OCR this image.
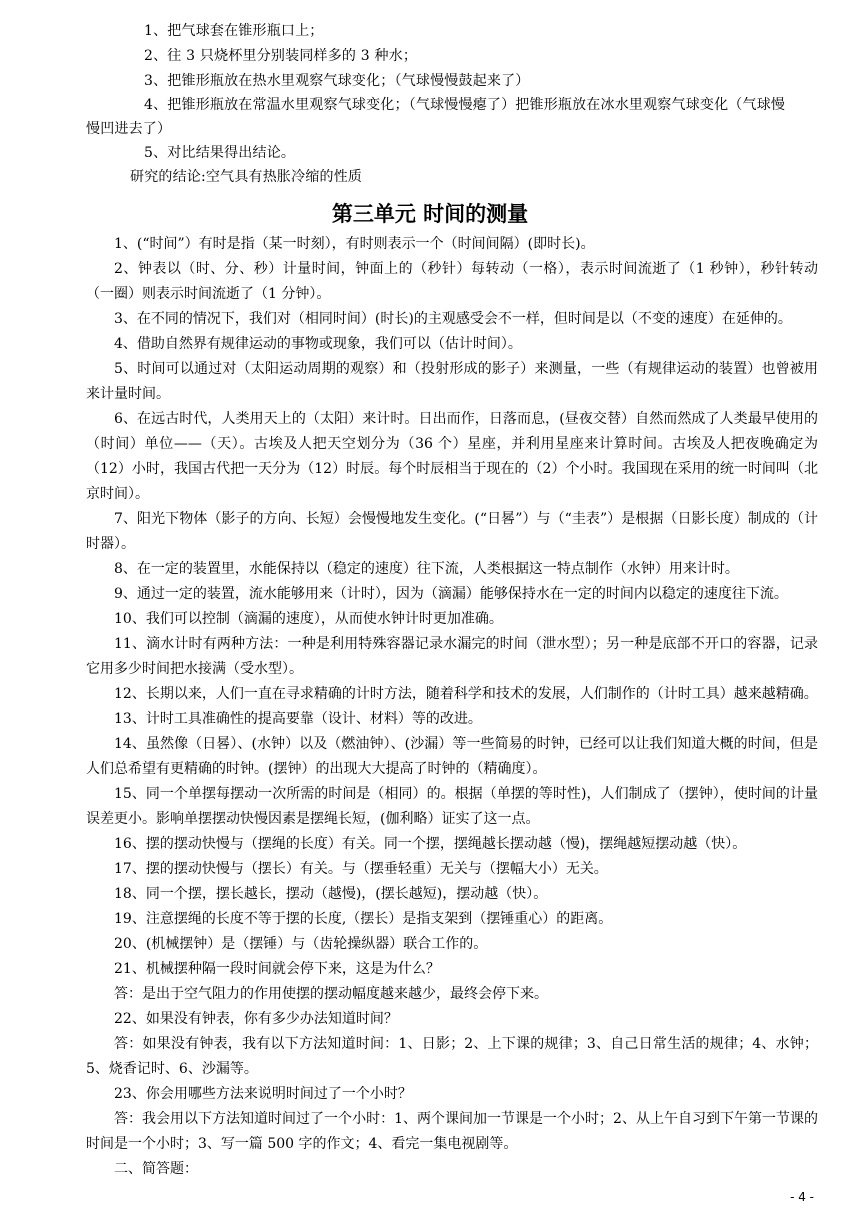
1、把气球套在锥形瓶口上；
2、往 3 只烧杯里分别装同样多的 3 种水；
3、把锥形瓶放在热水里观察气球变化；（气球慢慢鼓起来了）
4、把锥形瓶放在常温水里观察气球变化；（气球慢慢瘪了）把锥形瓶放在冰水里观察气球变化（气球慢
慢凹进去了）
5、对比结果得出结论。
研究的结论:空气具有热胀冷缩的性质
第三单元 时间的测量

1、(“时间”）有时是指（某一时刻），有时则表示一个（时间间隔）(即时长)。

2、钟表以（时、分、秒）计量时间，钟面上的（秒针）每转动（一格），表示时间流逝了（1 秒钟），秒针转动（一圈）则表示时间流逝了（1 分钟）。

3、在不同的情况下，我们对（相同时间）(时长)的主观感受会不一样，但时间是以（不变的速度）在延伸的。

4、借助自然界有规律运动的事物或现象，我们可以（估计时间）。

5、时间可以通过对（太阳运动周期的观察）和（投射形成的影子）来测量，一些（有规律运动的装置）也曾被用来计量时间。

6、在远古时代，人类用天上的（太阳）来计时。日出而作，日落而息，(昼夜交替）自然而然成了人类最早使用的（时间）单位——（天）。古埃及人把天空划分为（36 个）星座，并利用星座来计算时间。古埃及人把夜晚确定为（12）小时，我国古代把一天分为（12）时辰。每个时辰相当于现在的（2）个小时。我国现在采用的统一时间叫（北京时间）。

7、阳光下物体（影子的方向、长短）会慢慢地发生变化。(“日晷”）与（“圭表”）是根据（日影长度）制成的（计时器）。

8、在一定的装置里，水能保持以（稳定的速度）往下流，人类根据这一特点制作（水钟）用来计时。

9、通过一定的装置，流水能够用来（计时），因为（滴漏）能够保持水在一定的时间内以稳定的速度往下流。

10、我们可以控制（滴漏的速度），从而使水钟计时更加准确。

11、滴水计时有两种方法：一种是利用特殊容器记录水漏完的时间（泄水型）；另一种是底部不开口的容器，记录它用多少时间把水接满（受水型）。

12、长期以来，人们一直在寻求精确的计时方法，随着科学和技术的发展，人们制作的（计时工具）越来越精确。

13、计时工具准确性的提高要靠（设计、材料）等的改进。

14、虽然像（日晷）、(水钟）以及（燃油钟）、(沙漏）等一些简易的时钟，已经可以让我们知道大概的时间，但是人们总希望有更精确的时钟。(摆钟）的出现大大提高了时钟的（精确度）。

15、同一个单摆每摆动一次所需的时间是（相同）的。根据（单摆的等时性)，人们制成了（摆钟），使时间的计量误差更小。影响单摆摆动快慢因素是摆绳长短，(伽利略）证实了这一点。

16、摆的摆动快慢与（摆绳的长度）有关。同一个摆，摆绳越长摆动越（慢)，摆绳越短摆动越（快）。

17、摆的摆动快慢与（摆长）有关。与（摆垂轻重）无关与（摆幅大小）无关。

18、同一个摆，摆长越长，摆动（越慢)，(摆长越短)，摆动越（快）。

19、注意摆绳的长度不等于摆的长度,（摆长）是指支架到（摆锤重心）的距离。

20、(机械摆钟）是（摆锤）与（齿轮操纵器）联合工作的。

21、机械摆种隔一段时间就会停下来，这是为什么？

答：是出于空气阻力的作用使摆的摆动幅度越来越少，最终会停下来。

22、如果没有钟表，你有多少办法知道时间？

答：如果没有钟表，我有以下方法知道时间：1、日影；2、上下课的规律；3、自己日常生活的规律；4、水钟；5、烧香记时、6、沙漏等。

23、你会用哪些方法来说明时间过了一个小时？

答：我会用以下方法知道时间过了一个小时：1、两个课间加一节课是一个小时；2、从上午自习到下午第一节课的时间是一个小时；3、写一篇 500 字的作文；4、看完一集电视剧等。

二、简答题：

- 4 -
